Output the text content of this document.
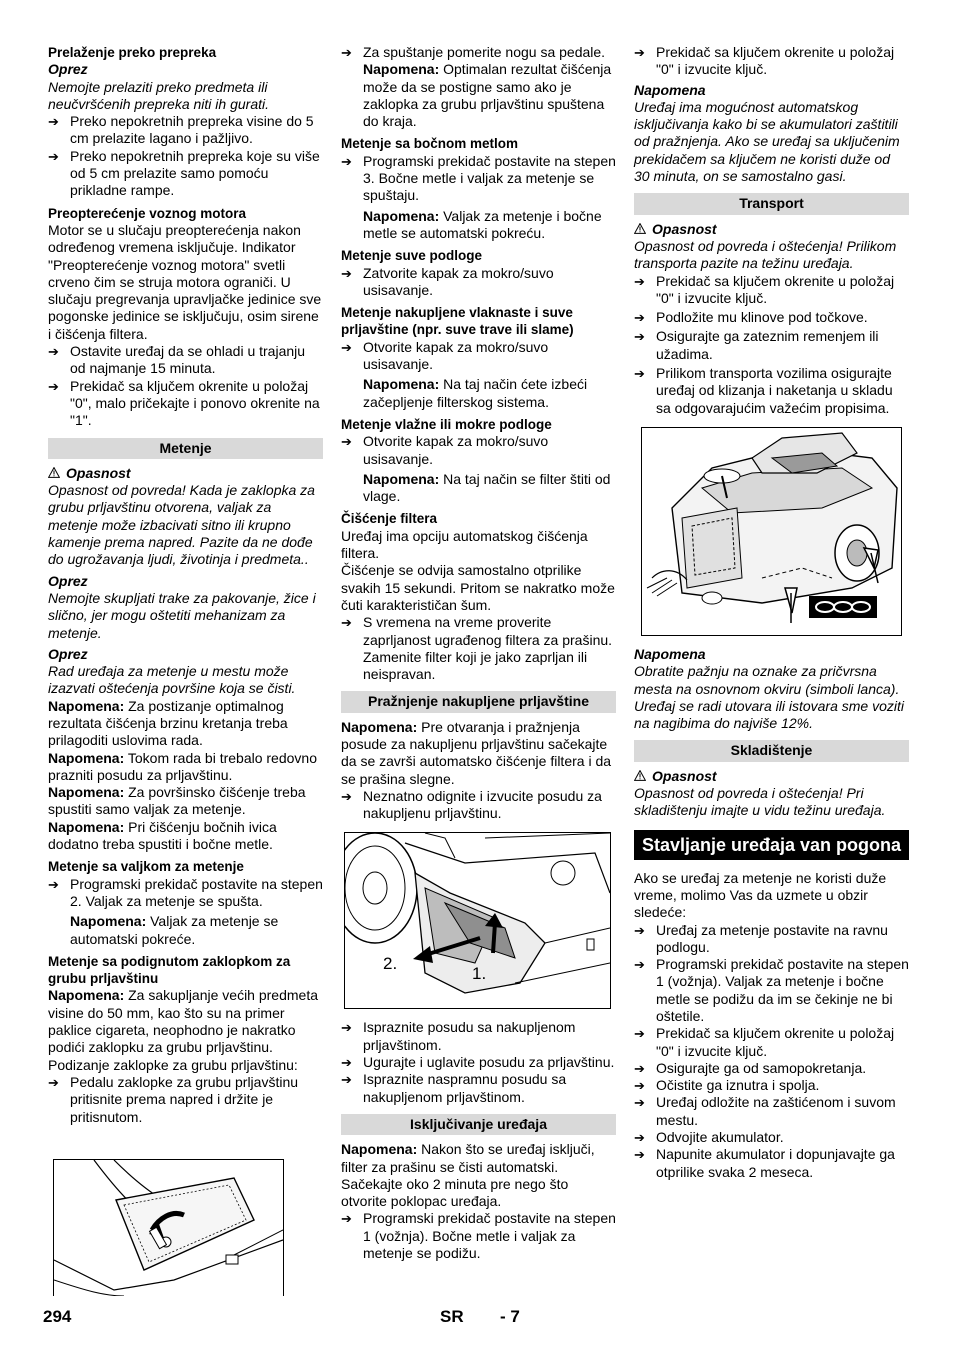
Prelaženje preko prepreka
Oprez
Nemojte prelaziti preko predmeta ili neučvršćenih prepreka niti ih gurati.
➔ Preko nepokretnih prepreka visine do 5 cm prelazite lagano i pažljivo.
➔ Preko nepokretnih prepreka koje su više od 5 cm prelazite samo pomoću prikladne rampe.
Preopterećenje voznog motora
Motor se u slučaju preopterećenja nakon određenog vremena isključuje. Indikator "Preopterećenje voznog motora" svetli crveno čim se struja motora ograniči. U slučaju pregrevanja upravljačke jedinice sve pogonske jedinice se isključuju, osim sirene i čišćenja filtera.
➔ Ostavite uređaj da se ohladi u trajanju od najmanje 15 minuta.
➔ Prekidač sa ključem okrenite u položaj "0", malo pričekajte i ponovo okrenite na "1".
Metenje
Opasnost
Opasnost od povreda! Kada je zaklopka za grubu prljavštinu otvorena, valjak za metenje može izbacivati sitno ili krupno kamenje prema napred. Pazite da ne dođe do ugrožavanja ljudi, životinja i predmeta..
Oprez
Nemojte skupljati trake za pakovanje, žice i slično, jer mogu oštetiti mehanizam za metenje.
Oprez
Rad uređaja za metenje u mestu može izazvati oštećenja površine koja se čisti.
Napomena: Za postizanje optimalnog rezultata čišćenja brzinu kretanja treba prilagoditi uslovima rada.
Napomena: Tokom rada bi trebalo redovno prazniti posudu za prljavštinu.
Napomena: Za površinsko čišćenje treba spustiti samo valjak za metenje.
Napomena: Pri čišćenju bočnih ivica dodatno treba spustiti i bočne metle.
Metenje sa valjkom za metenje
➔ Programski prekidač postavite na stepen 2. Valjak za metenje se spušta.
Napomena: Valjak za metenje se automatski pokreće.
Metenje sa podignutom zaklopkom za grubu prljavštinu
Napomena: Za sakupljanje većih predmeta visine do 50 mm, kao što su na primer paklice cigareta, neophodno je nakratko podići zaklopku za grubu prljavštinu.
Podizanje zaklopke za grubu prljavštinu:
➔ Pedalu zaklopke za grubu prljavštinu pritisnite prema napred i držite je pritisnutom.
➔ Za spuštanje pomerite nogu sa pedale.
Napomena: Optimalan rezultat čišćenja može da se postigne samo ako je zaklopka za grubu prljavštinu spuštena do kraja.
Metenje sa bočnom metlom
➔ Programski prekidač postavite na stepen 3. Bočne metle i valjak za metenje se spuštaju.
Napomena: Valjak za metenje i bočne metle se automatski pokreću.
Metenje suve podloge
➔ Zatvorite kapak za mokro/suvo usisavanje.
Metenje nakupljene vlaknaste i suve prljavštine (npr. suve trave ili slame)
➔ Otvorite kapak za mokro/suvo usisavanje.
Napomena: Na taj način ćete izbeći začepljenje filterskog sistema.
Metenje vlažne ili mokre podloge
➔ Otvorite kapak za mokro/suvo usisavanje.
Napomena: Na taj način se filter štiti od vlage.
Čišćenje filtera
Uređaj ima opciju automatskog čišćenja filtera.
Čišćenje se odvija samostalno otprilike svakih 15 sekundi. Pritom se nakratko može čuti karakterističan šum.
➔ S vremena na vreme proverite zaprljanost ugrađenog filtera za prašinu. Zamenite filter koji je jako zaprljan ili neispravan.
Pražnjenje nakupljene prljavštine
Napomena: Pre otvaranja i pražnjenja posude za nakupljenu prljavštinu sačekajte da se završi automatsko čišćenje filtera i da se prašina slegne.
➔ Neznatno odignite i izvucite posudu za nakupljenu prljavštinu.
2.
1.
➔ Ispraznite posudu sa nakupljenom prljavštinom.
➔ Ugurajte i uglavite posudu za prljavštinu.
➔ Ispraznite naspramnu posudu sa nakupljenom prljavštinom.
Isključivanje uređaja
Napomena: Nakon što se uređaj isključi, filter za prašinu se čisti automatski. Sačekajte oko 2 minuta pre nego što otvorite poklopac uređaja.
➔ Programski prekidač postavite na stepen 1 (vožnja). Bočne metle i valjak za metenje se podižu.
➔ Prekidač sa ključem okrenite u položaj "0" i izvucite ključ.
Napomena
Uređaj ima mogućnost automatskog isključivanja kako bi se akumulatori zaštitili od pražnjenja. Ako se uređaj sa uključenim prekidačem sa ključem ne koristi duže od 30 minuta, on se samostalno gasi.
Transport
Opasnost
Opasnost od povreda i oštećenja! Prilikom transporta pazite na težinu uređaja.
➔ Prekidač sa ključem okrenite u položaj "0" i izvucite ključ.
➔ Podložite mu klinove pod točkove.
➔ Osigurajte ga zateznim remenjem ili užadima.
➔ Prilikom transporta vozilima osigurajte uređaj od klizanja i naketanja u skladu sa odgovarajućim važećim propisima.
Napomena
Obratite pažnju na oznake za pričvrsna mesta na osnovnom okviru (simboli lanca). Uređaj se radi utovara ili istovara sme voziti na nagibima do najviše 12%.
Skladištenje
Opasnost
Opasnost od povreda i oštećenja! Pri skladištenju imajte u vidu težinu uređaja.
Stavljanje uređaja van pogona
Ako se uređaj za metenje ne koristi duže vreme, molimo Vas da uzmete u obzir sledeće:
➔ Uređaj za metenje postavite na ravnu podlogu.
➔ Programski prekidač postavite na stepen 1 (vožnja). Valjak za metenje i bočne metle se podižu da im se čekinje ne bi oštetile.
➔ Prekidač sa ključem okrenite u položaj "0" i izvucite ključ.
➔ Osigurajte ga od samopokretanja.
➔ Očistite ga iznutra i spolja.
➔ Uređaj odložite na zaštićenom i suvom mestu.
➔ Odvojite akumulator.
➔ Napunite akumulator i dopunjavajte ga otprilike svaka 2 meseca.
294	SR - 7
